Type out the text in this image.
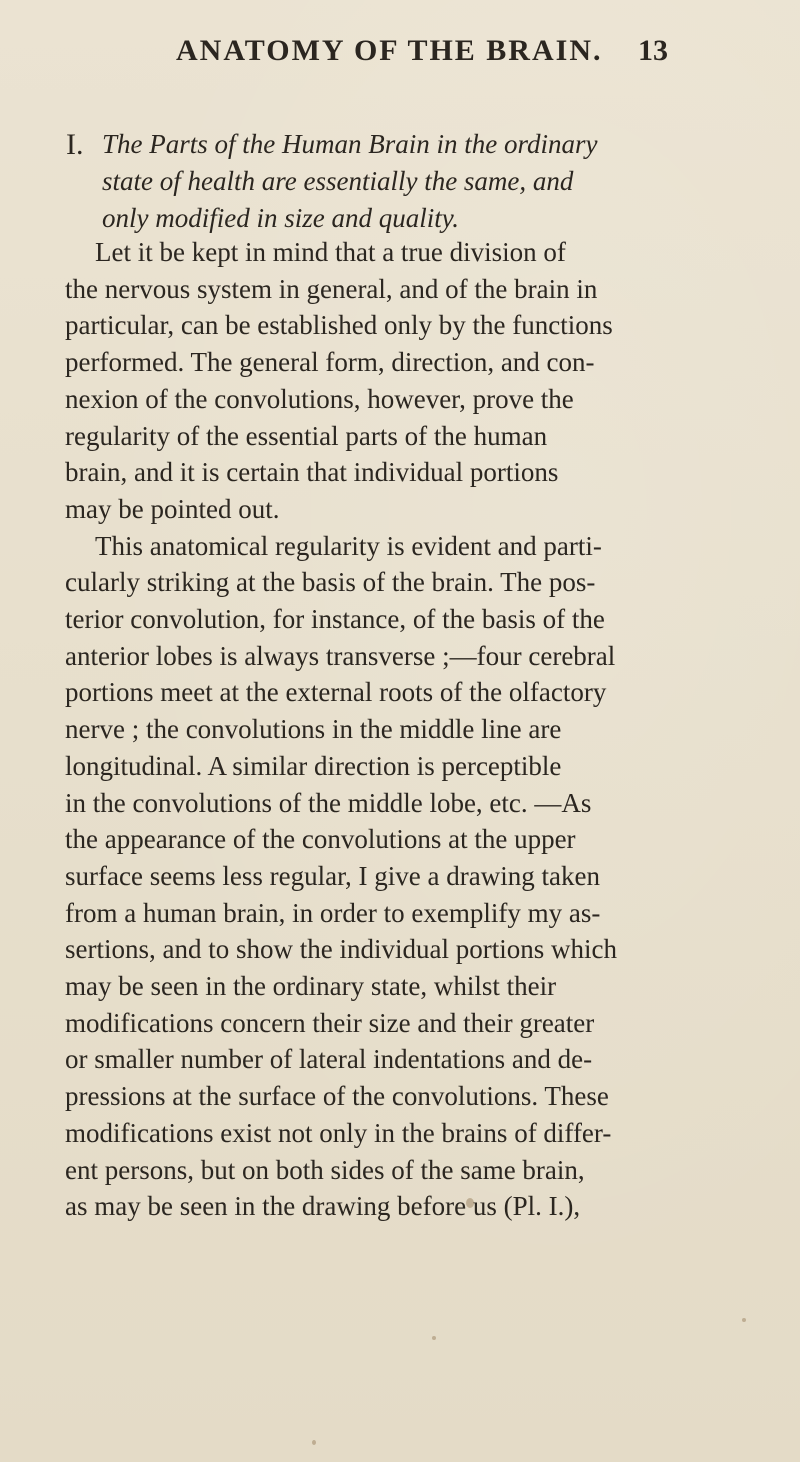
ANATOMY OF THE BRAIN. 13
I. The Parts of the Human Brain in the ordinary
state of health are essentially the same, and
only modified in size and quality.
Let it be kept in mind that a true division of
the nervous system in general, and of the brain in
particular, can be established only by the functions
performed. The general form, direction, and con-
nexion of the convolutions, however, prove the
regularity of the essential parts of the human
brain, and it is certain that individual portions
may be pointed out.
This anatomical regularity is evident and parti-
cularly striking at the basis of the brain. The pos-
terior convolution, for instance, of the basis of the
anterior lobes is always transverse ;—four cerebral
portions meet at the external roots of the olfactory
nerve ; the convolutions in the middle line are
longitudinal. A similar direction is perceptible
in the convolutions of the middle lobe, etc. —As
the appearance of the convolutions at the upper
surface seems less regular, I give a drawing taken
from a human brain, in order to exemplify my as-
sertions, and to show the individual portions which
may be seen in the ordinary state, whilst their
modifications concern their size and their greater
or smaller number of lateral indentations and de-
pressions at the surface of the convolutions. These
modifications exist not only in the brains of differ-
ent persons, but on both sides of the same brain,
as may be seen in the drawing before us (Pl. I.),
